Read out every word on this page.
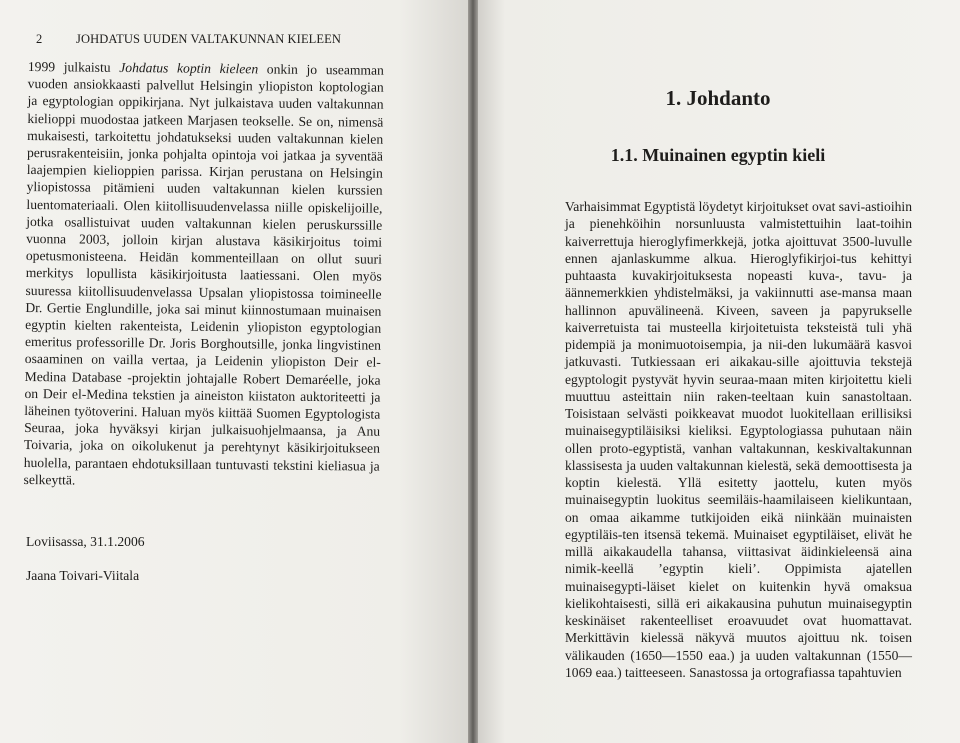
2	JOHDATUS UUDEN VALTAKUNNAN KIELEEN

1999 julkaistu Johdatus koptin kieleen onkin jo useamman vuoden ansiokkaasti palvellut Helsingin yliopiston koptologian ja egyptologian oppikirjana. Nyt julkaistava uuden valtakunnan kielioppi muodostaa jatkeen Marjasen teokselle. Se on, nimensä mukaisesti, tarkoitettu johdatukseksi uuden valtakunnan kielen perusrakenteisiin, jonka pohjalta opintoja voi jatkaa ja syventää laajempien kielioppien parissa. Kirjan perustana on Helsingin yliopistossa pitämieni uuden valtakunnan kielen kurssien luentomateriaali. Olen kiitollisuudenvelassa niille opiskelijoille, jotka osallistuivat uuden valtakunnan kielen peruskurssille vuonna 2003, jolloin kirjan alustava käsikirjoitus toimi opetusmonisteena. Heidän kommenteillaan on ollut suuri merkitys lopullista käsikirjoitusta laatiessani. Olen myös suuressa kiitollisuudenvelassa Upsalan yliopistossa toimineelle Dr. Gertie Englundille, joka sai minut kiinnostumaan muinaisen egyptin kielten rakenteista, Leidenin yliopiston egyptologian emeritus professorille Dr. Joris Borghoutsille, jonka lingvistinen osaaminen on vailla vertaa, ja Leidenin yliopiston Deir el-Medina Database -projektin johtajalle Robert Demarée​lle, joka on Deir el-Medina tekstien ja aineiston kiistaton auktoriteetti ja läheinen työtoverini. Haluan myös kiittää Suomen Egyptologista Seuraa, joka hyväksyi kirjan julkaisuohjelmaansa, ja Anu Toivaria, joka on oikolukenut ja perehtynyt käsikirjoitukseen huolella, parantaen ehdotuksillaan tuntuvasti tekstini kieliasua ja selkeyttä.

Loviisassa, 31.1.2006
Jaana Toivari-Viitala
1. Johdanto
1.1. Muinainen egyptin kieli

Varhaisimmat Egyptistä löydetyt kirjoitukset ovat savi-astioihin ja pienehköihin norsunluusta valmistettuihin laat-toihin kaiverrettuja hieroglyfimerkkejä, jotka ajoittuvat 3500-luvulle ennen ajanlaskumme alkua. Hieroglyfikirjoi-tus kehittyi puhtaasta kuvakirjoituksesta nopeasti kuva-, tavu- ja äännemerkkien yhdistelmäksi, ja vakiinnutti ase-mansa maan hallinnon apuvälineenä. Kiveen, saveen ja papyrukselle kaiverretuista tai musteella kirjoitetuista teksteistä tuli yhä pidempiä ja monimuotoisempia, ja nii-den lukumäärä kasvoi jatkuvasti. Tutkiessaan eri aikakau-sille ajoittuvia tekstejä egyptologit pystyvät hyvin seuraa-maan miten kirjoitettu kieli muuttuu asteittain niin raken-teeltaan kuin sanastoltaan. Toisistaan selvästi poikkeavat muodot luokitellaan erillisiksi muinaisegyptiläisiksi kieliksi. Egyptologiassa puhutaan näin ollen proto-egyptistä, vanhan valtakunnan, keskivaltakunnan klassisesta ja uuden valtakunnan kielestä, sekä demoottisesta ja koptin kielestä. Yllä esitetty jaottelu, kuten myös muinaisegyptin luokitus seemiläis-haamilaiseen kielikuntaan, on omaa aikamme tutkijoiden eikä niinkään muinaisten egyptiläis-ten itsensä tekemä. Muinaiset egyptiläiset, elivät he millä aikakaudella tahansa, viittasivat äidinkieleensä aina nimik-keellä ’egyptin kieli’. Oppimista ajatellen muinaisegypti-läiset kielet on kuitenkin hyvä omaksua kielikohtaisesti, sillä eri aikakausina puhutun muinaisegyptin keskinäiset rakenteelliset eroavuudet ovat huomattavat. Merkittävin kielessä näkyvä muutos ajoittuu nk. toisen välikauden (1650—1550 eaa.) ja uuden valtakunnan (1550—1069 eaa.) taitteeseen. Sanastossa ja ortografiassa tapahtuvien
